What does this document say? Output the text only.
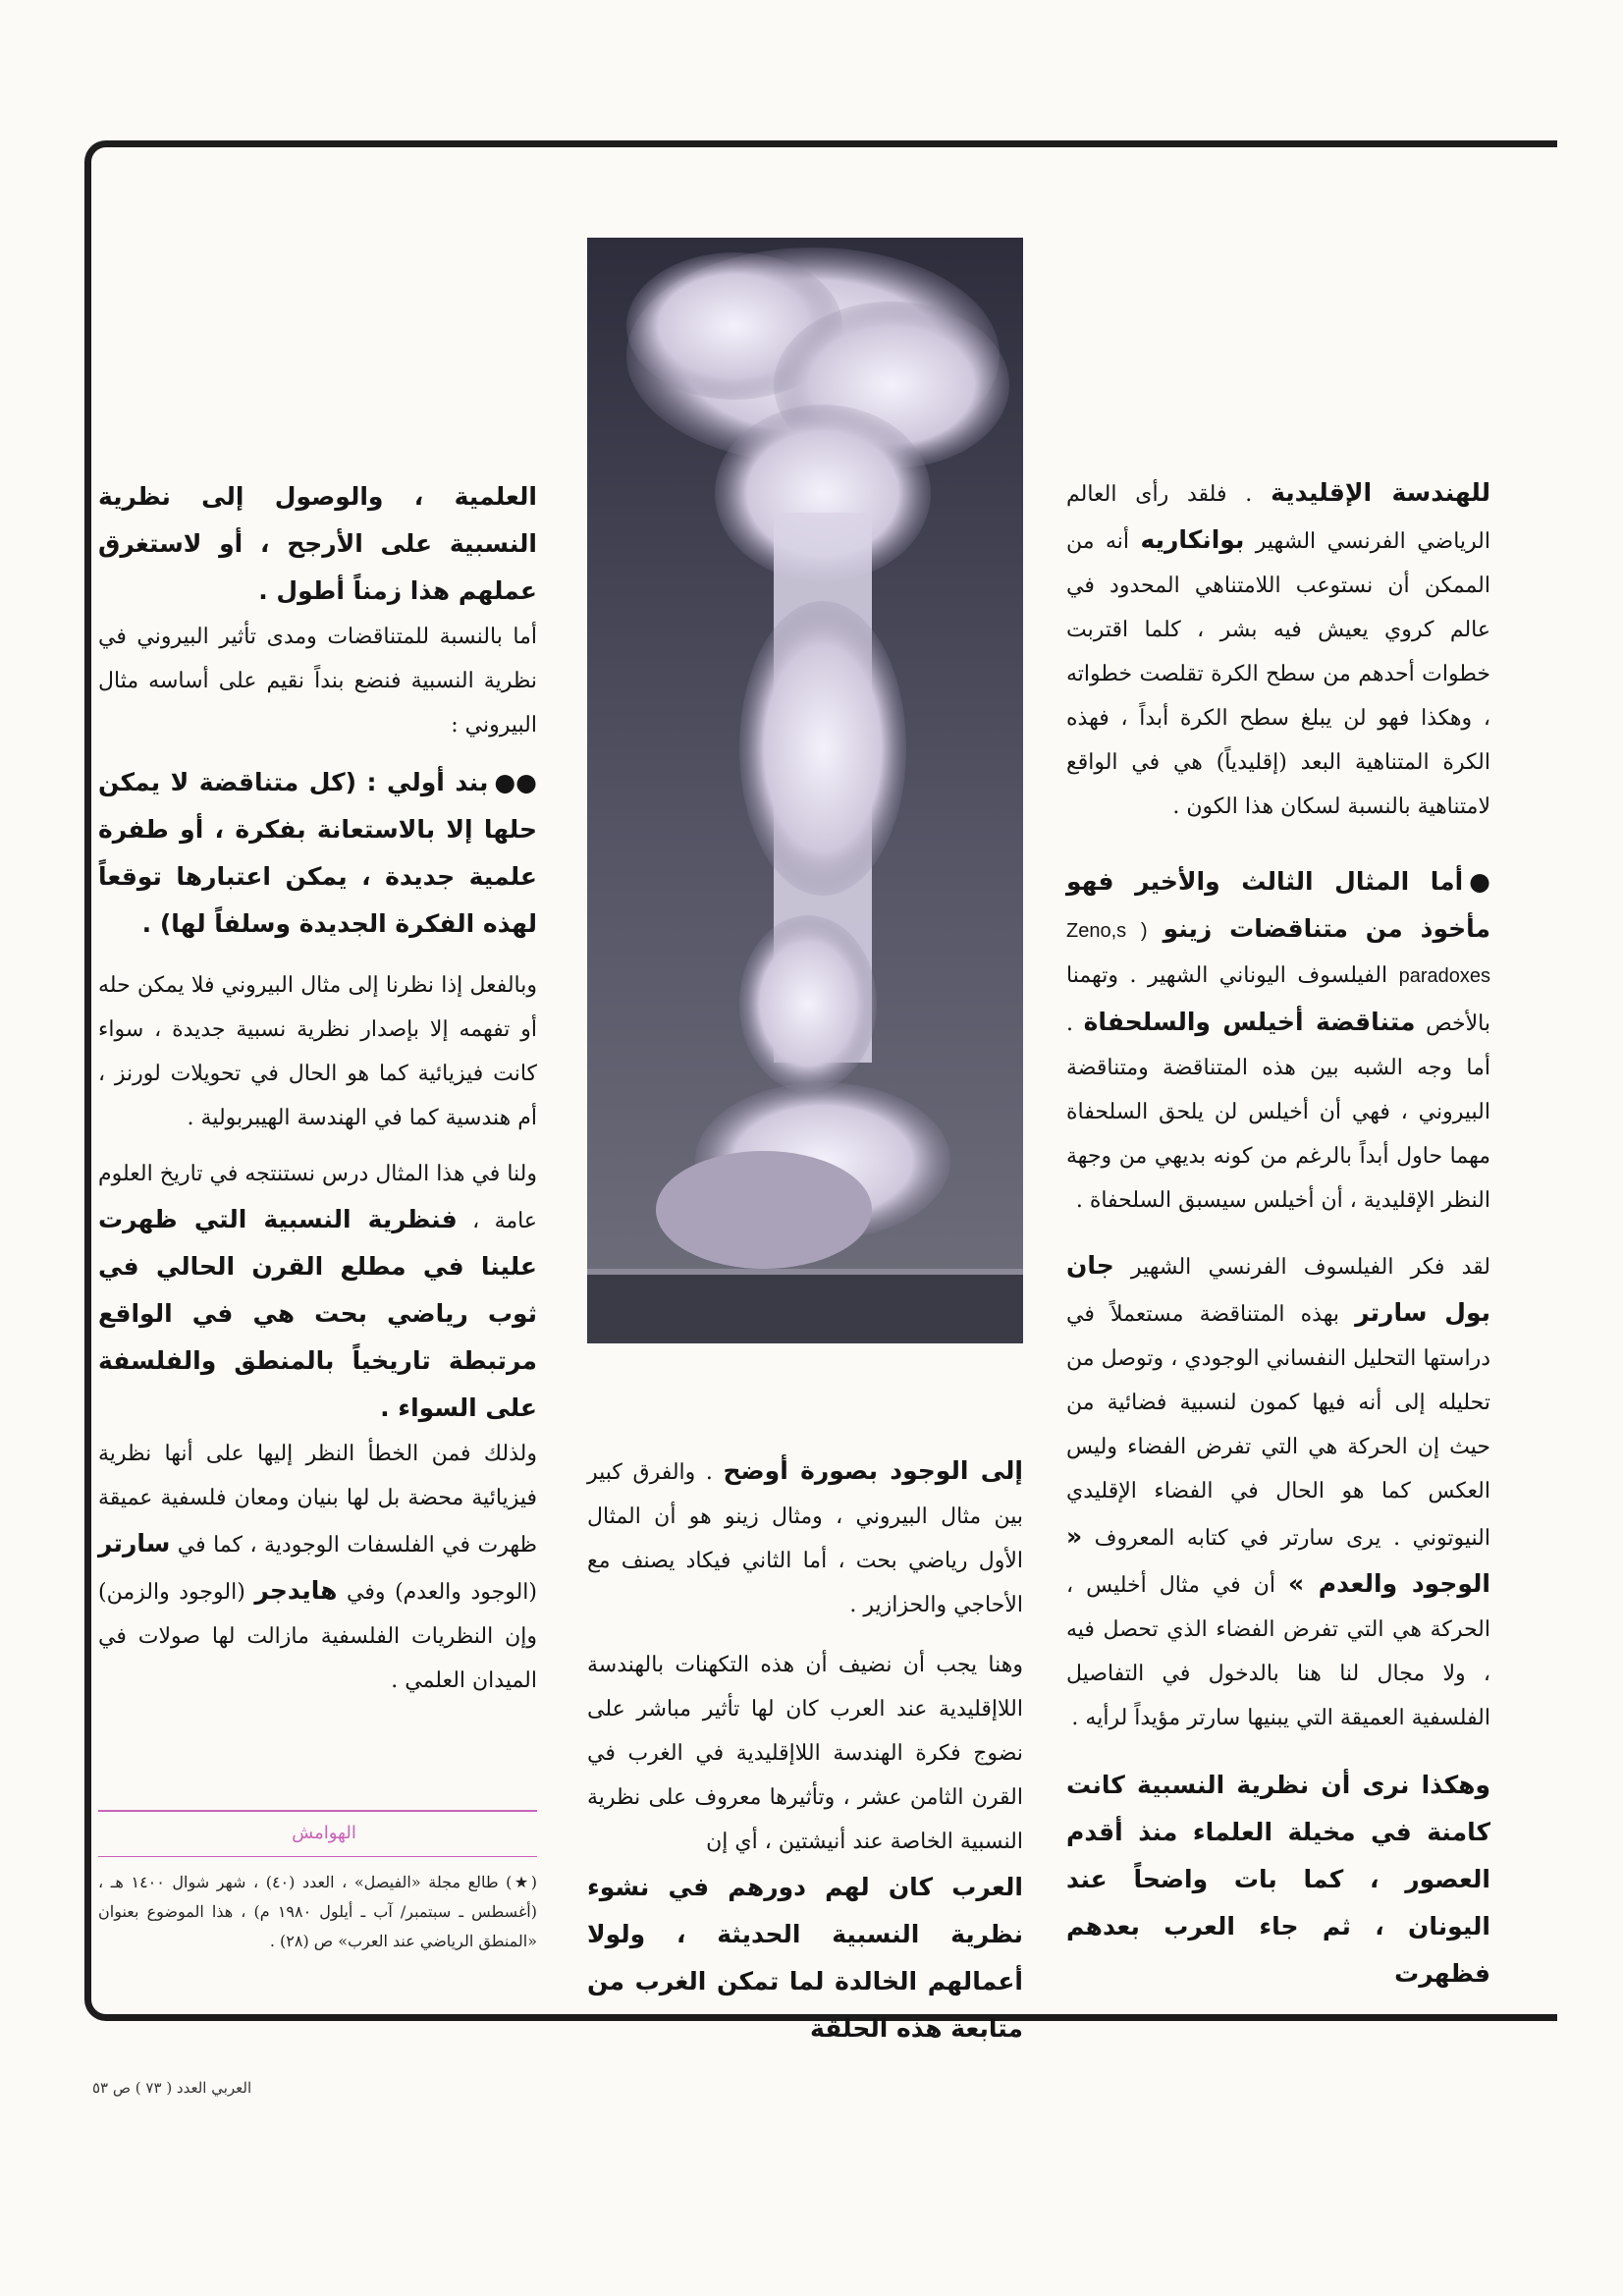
للهندسة الإقليدية . فلقد رأى العالم الرياضي الفرنسي الشهير بوانكاريه أنه من الممكن أن نستوعب اللامتناهي المحدود في عالم كروي يعيش فيه بشر ، كلما اقتربت خطوات أحدهم من سطح الكرة تقلصت خطواته ، وهكذا فهو لن يبلغ سطح الكرة أبداً ، فهذه الكرة المتناهية البعد (إقليدياً) هي في الواقع لامتناهية بالنسبة لسكان هذا الكون .

●أما المثال الثالث والأخير فهو مأخوذ من متناقضات زينو ( Zeno,s paradoxes الفيلسوف اليوناني الشهير . وتهمنا بالأخص متناقضة أخيلس والسلحفاة . أما وجه الشبه بين هذه المتناقضة ومتناقضة البيروني ، فهي أن أخيلس لن يلحق السلحفاة مهما حاول أبداً بالرغم من كونه بديهي من وجهة النظر الإقليدية ، أن أخيلس سيسبق السلحفاة .

لقد فكر الفيلسوف الفرنسي الشهير جان بول سارتر بهذه المتناقضة مستعملاً في دراستها التحليل النفساني الوجودي ، وتوصل من تحليله إلى أنه فيها كمون لنسبية فضائية من حيث إن الحركة هي التي تفرض الفضاء وليس العكس كما هو الحال في الفضاء الإقليدي النيوتوني . يرى سارتر في كتابه المعروف « الوجود والعدم » أن في مثال أخليس ، الحركة هي التي تفرض الفضاء الذي تحصل فيه ، ولا مجال لنا هنا بالدخول في التفاصيل الفلسفية العميقة التي يبنيها سارتر مؤيداً لرأيه .

وهكذا نرى أن نظرية النسبية كانت كامنة في مخيلة العلماء منذ أقدم العصور ، كما بات واضحاً عند اليونان ، ثم جاء العرب بعدهم فظهرت

إلى الوجود بصورة أوضح . والفرق كبير بين مثال البيروني ، ومثال زينو هو أن المثال الأول رياضي بحت ، أما الثاني فيكاد يصنف مع الأحاجي والحزازير .

وهنا يجب أن نضيف أن هذه التكهنات بالهندسة اللاإقليدية عند العرب كان لها تأثير مباشر على نضوج فكرة الهندسة اللاإقليدية في الغرب في القرن الثامن عشر ، وتأثيرها معروف على نظرية النسبية الخاصة عند أنيشتين ، أي إن

العرب كان لهم دورهم في نشوء نظرية النسبية الحديثة ، ولولا أعمالهم الخالدة لما تمكن الغرب من متابعة هذه الحلقة

العلمية ، والوصول إلى نظرية النسبية على الأرجح ، أو لاستغرق عملهم هذا زمناً أطول .

أما بالنسبة للمتناقضات ومدى تأثير البيروني في نظرية النسبية فنضع بنداً نقيم على أساسه مثال البيروني :

●●بند أولي : (كل متناقضة لا يمكن حلها إلا بالاستعانة بفكرة ، أو طفرة علمية جديدة ، يمكن اعتبارها توقعاً لهذه الفكرة الجديدة وسلفاً لها) .

وبالفعل إذا نظرنا إلى مثال البيروني فلا يمكن حله أو تفهمه إلا بإصدار نظرية نسبية جديدة ، سواء كانت فيزيائية كما هو الحال في تحويلات لورنز ، أم هندسية كما في الهندسة الهيبربولية .

ولنا في هذا المثال درس نستنتجه في تاريخ العلوم عامة ، فنظرية النسبية التي ظهرت علينا في مطلع القرن الحالي في ثوب رياضي بحت هي في الواقع مرتبطة تاريخياً بالمنطق والفلسفة على السواء .

ولذلك فمن الخطأ النظر إليها على أنها نظرية فيزيائية محضة بل لها بنيان ومعان فلسفية عميقة ظهرت في الفلسفات الوجودية ، كما في سارتر (الوجود والعدم) وفي هايدجر (الوجود والزمن) وإن النظريات الفلسفية مازالت لها صولات في الميدان العلمي .

الهوامش
(★) طالع مجلة «الفيصل» ، العدد (٤٠) ، شهر شوال ١٤٠٠ هـ ، (أغسطس ـ سبتمبر/ آب ـ أيلول ١٩٨٠ م) ، هذا الموضوع بعنوان «المنطق الرياضي عند العرب» ص (٢٨) .
العربي العدد ( ٧٣ ) ص ٥٣
